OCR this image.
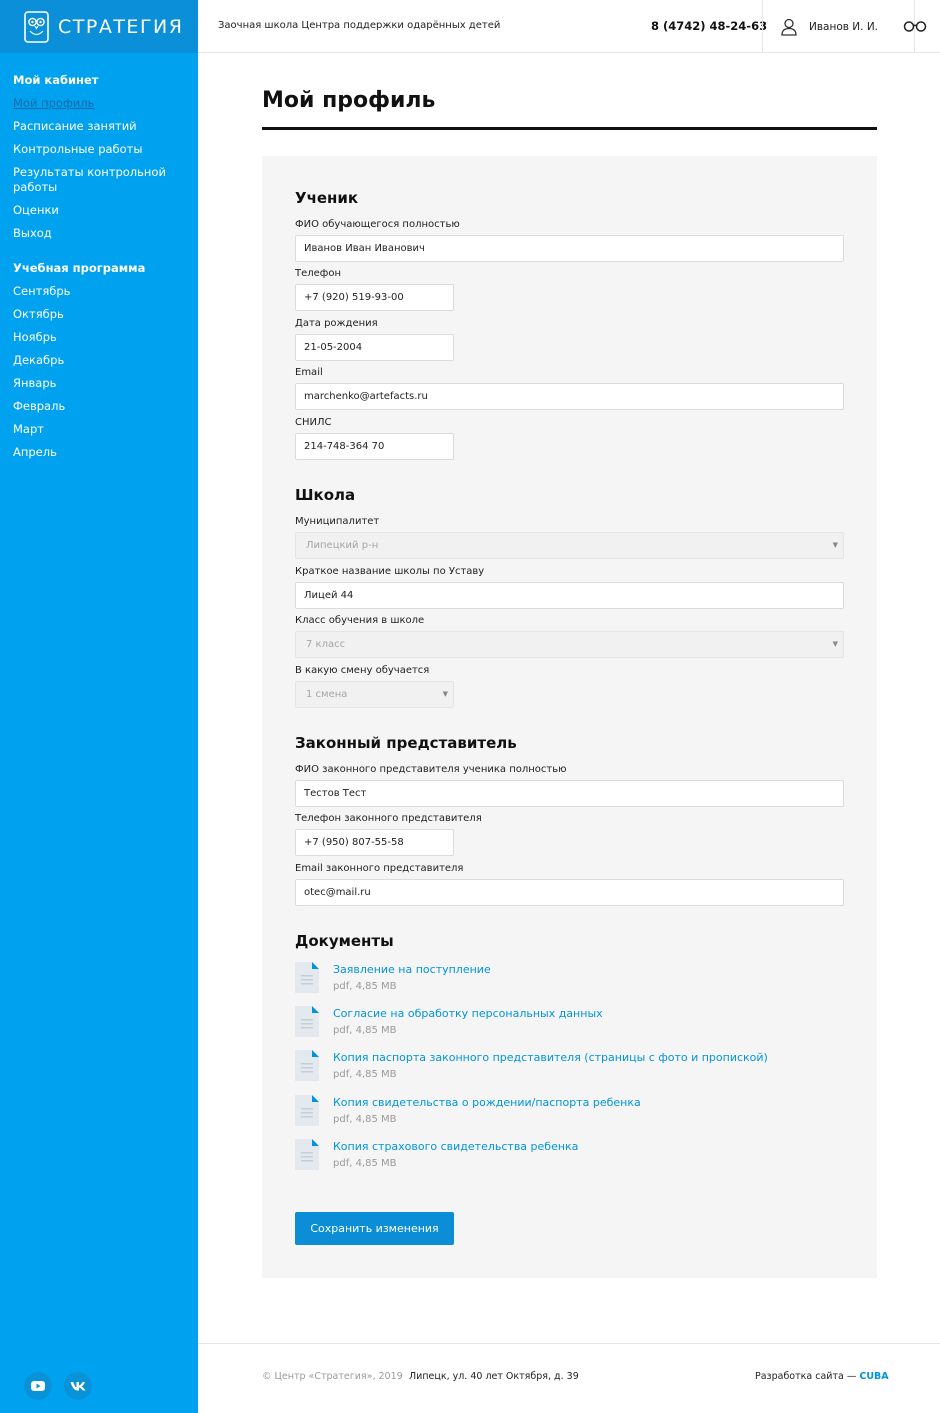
СТРАТЕГИЯ
Мой кабинет
Мой профиль
Расписание занятий
Контрольные работы
Результаты контрольной работы
Оценки
Выход
Учебная программа
Сентябрь
Октябрь
Ноябрь
Декабрь
Январь
Февраль
Март
Апрель
Заочная школа Центра поддержки одарённых детей	8 (4742) 48-24-63	Иванов И. И.
Мой профиль
Ученик
ФИО обучающегося полностью
Иванов Иван Иванович
Телефон
+7 (920) 519-93-00
Дата рождения
21-05-2004
Email
marchenko@artefacts.ru
СНИЛС
214-748-364 70
Школа
Муниципалитет
Липецкий р-н	▼
Краткое название школы по Уставу
Лицей 44
Класс обучения в школе
7 класс	▼
В какую смену обучается
1 смена	▼
Законный представитель
ФИО законного представителя ученика полностью
Тестов Тест
Телефон законного представителя
+7 (950) 807-55-58
Email законного представителя
otec@mail.ru
Документы
Заявление на поступление
pdf, 4,85 MB
Согласие на обработку персональных данных
pdf, 4,85 MB
Копия паспорта законного представителя (страницы с фото и пропиской)
pdf, 4,85 MB
Копия свидетельства о рождении/паспорта ребенка
pdf, 4,85 MB
Копия страхового свидетельства ребенка
pdf, 4,85 MB
Сохранить изменения
© Центр «Стратегия», 2019 Липецк, ул. 40 лет Октября, д. 39	Разработка сайта — CUBA
